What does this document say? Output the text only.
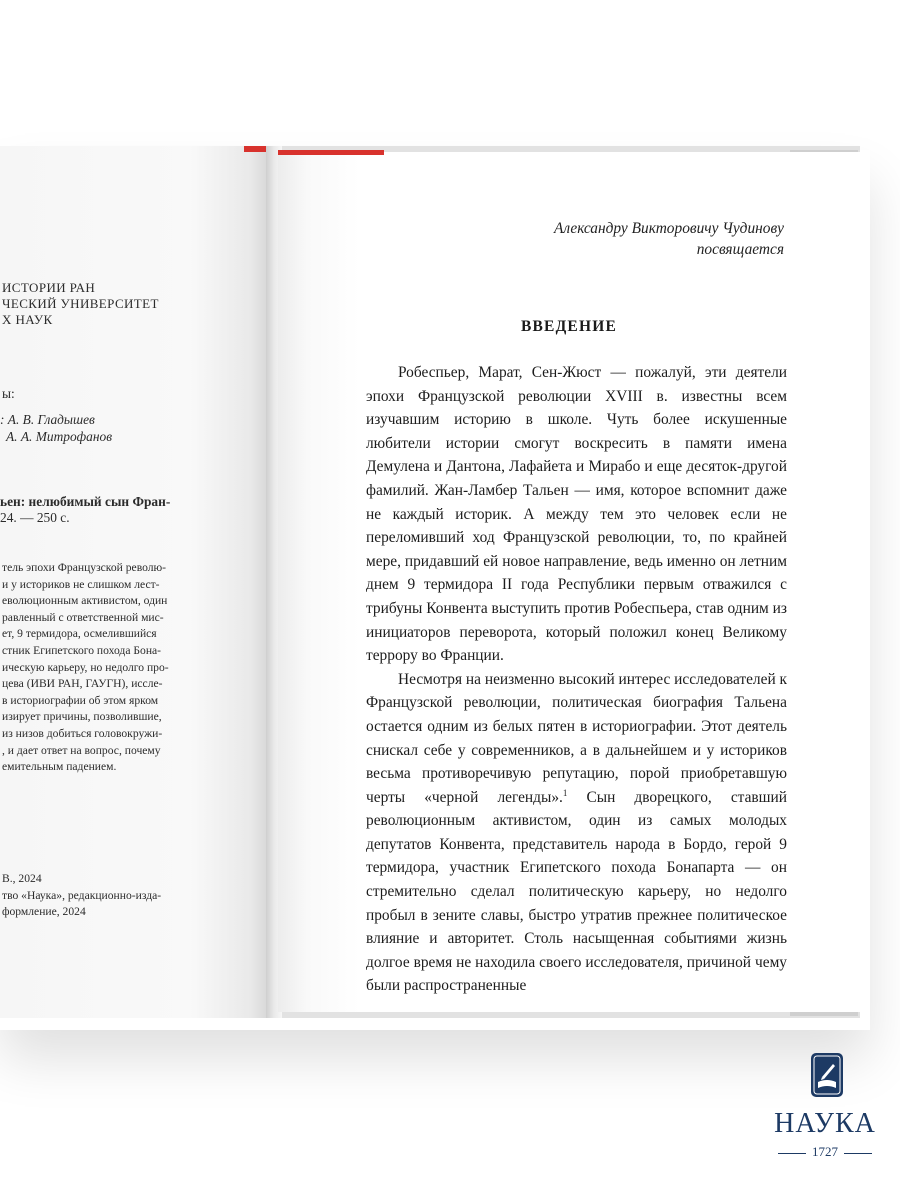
ИСТОРИИ РАН
ЧЕСКИЙ УНИВЕРСИТЕТ
Х НАУК
ы:
: А. В. Гладышев
А. А. Митрофанов
ьен: нелюбимый сын Фран-
24. — 250 с.
тель эпохи Французской револю-
и у историков не слишком лест-
еволюционным активистом, один
равленный с ответственной мис-
ет, 9 термидора, осмелившийся
стник Египетского похода Бона-
ическую карьеру, но недолго про-
цева (ИВИ РАН, ГАУГН), иссле-
в историографии об этом ярком
изирует причины, позволившие,
из низов добиться головокружи-
, и дает ответ на вопрос, почему
емительным падением.
В., 2024
тво «Наука», редакционно-изда-
формление, 2024
Александру Викторовичу Чудинову
посвящается
ВВЕДЕНИЕ

Робеспьер, Марат, Сен-Жюст — пожалуй, эти деятели эпохи Французской революции XVIII в. известны всем изучавшим историю в школе. Чуть более искушенные любители истории смогут воскресить в памяти имена Демулена и Дантона, Лафайета и Мирабо и еще десяток-другой фамилий. Жан-Ламбер Тальен — имя, которое вспомнит даже не каждый историк. А между тем это человек если не переломивший ход Французской революции, то, по крайней мере, придавший ей новое направление, ведь именно он летним днем 9 термидора II года Республики первым отважился с трибуны Конвента выступить против Робеспьера, став одним из инициаторов переворота, который положил конец Великому террору во Франции.

Несмотря на неизменно высокий интерес исследователей к Французской революции, политическая биография Тальена остается одним из белых пятен в историографии. Этот деятель снискал себе у современников, а в дальнейшем и у историков весьма противоречивую репутацию, порой приобретавшую черты «черной легенды».$^1$ Сын дворецкого, ставший революционным активистом, один из самых молодых депутатов Конвента, представитель народа в Бордо, герой 9 термидора, участник Египетского похода Бонапарта — он стремительно сделал политическую карьеру, но недолго пробыл в зените славы, быстро утратив прежнее политическое влияние и авторитет. Столь насыщенная событиями жизнь долгое время не находила своего исследователя, причиной чему были распространенные

НАУКА
1727
